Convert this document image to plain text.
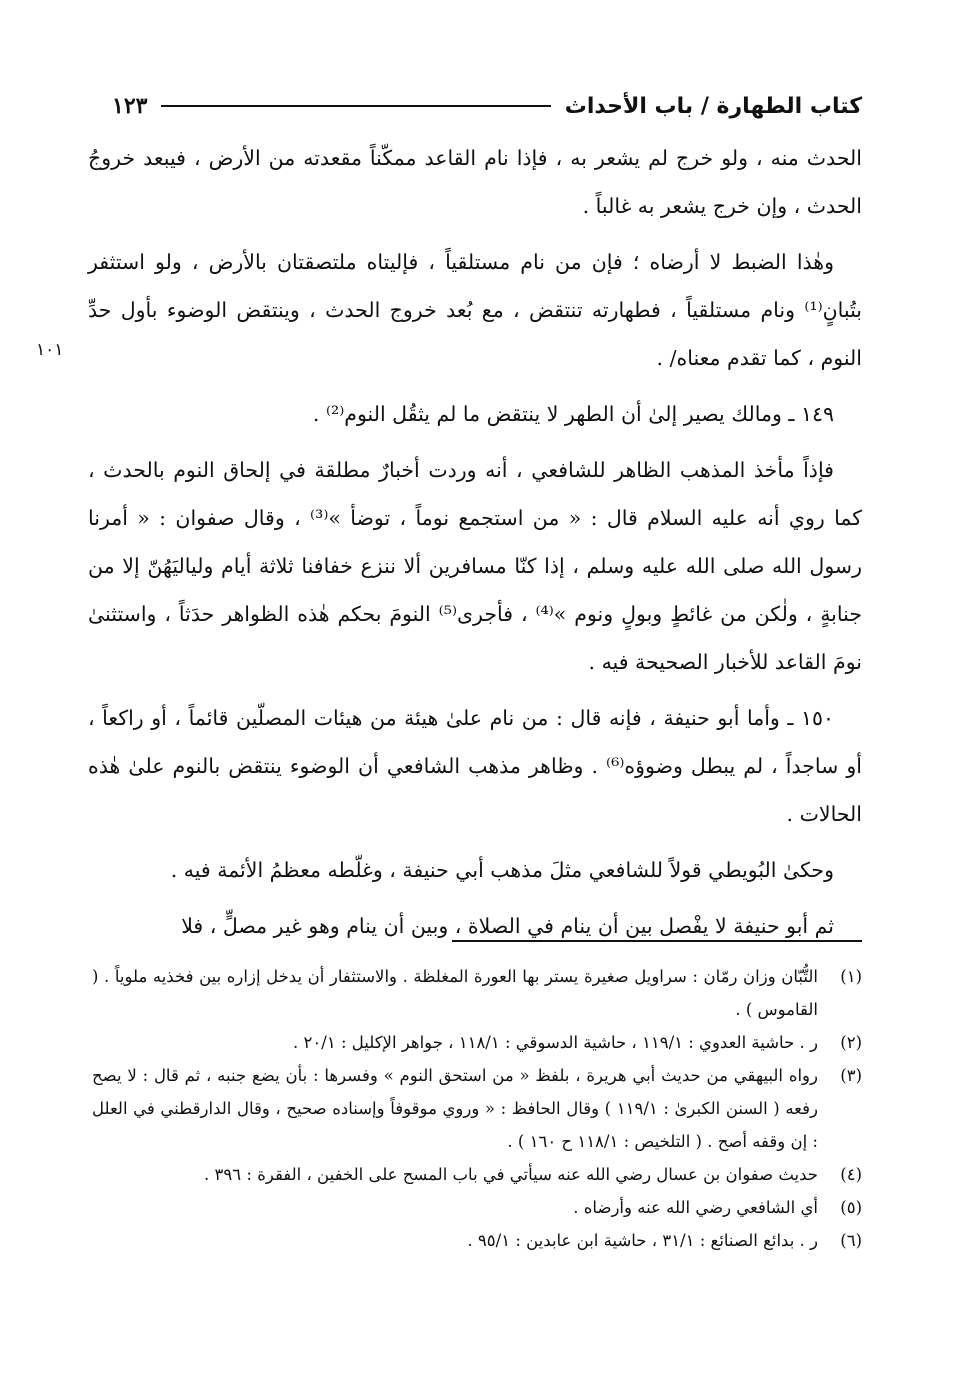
كتاب الطهارة / باب الأحداث
١٢٣
١٠١

الحدث منه ، ولو خرج لم يشعر به ، فإذا نام القاعد ممكّناً مقعدته من الأرض ، فيبعد خروجُ الحدث ، وإن خرج يشعر به غالباً .

وهٰذا الضبط لا أرضاه ؛ فإن من نام مستلقياً ، فإليتاه ملتصقتان بالأرض ، ولو استثفر بتُبانٍ⁽¹⁾ ونام مستلقياً ، فطهارته تنتقض ، مع بُعد خروج الحدث ، وينتقض الوضوء بأول حدِّ النوم ، كما تقدم معناه/ .

١٤٩ ـ ومالك يصير إلىٰ أن الطهر لا ينتقض ما لم يثقُل النوم⁽²⁾ .

فإذاً مأخذ المذهب الظاهر للشافعي ، أنه وردت أخبارٌ مطلقة في إلحاق النوم بالحدث ، كما روي أنه عليه السلام قال : « من استجمع نوماً ، توضأ »⁽³⁾ ، وقال صفوان : « أمرنا رسول الله صلى الله عليه وسلم ، إذا كنّا مسافرين ألا ننزع خفافنا ثلاثة أيام ولياليَهُنّ إلا من جنابةٍ ، ولٰكن من غائطٍ وبولٍ ونوم »⁽⁴⁾ ، فأجرى⁽⁵⁾ النومَ بحكم هٰذه الظواهر حدَثاً ، واستثنىٰ نومَ القاعد للأخبار الصحيحة فيه .

١٥٠ ـ وأما أبو حنيفة ، فإنه قال : من نام علىٰ هيئة من هيئات المصلّين قائماً ، أو راكعاً ، أو ساجداً ، لم يبطل وضوؤه⁽⁶⁾ . وظاهر مذهب الشافعي أن الوضوء ينتقض بالنوم علىٰ هٰذه الحالات .

وحكىٰ البُويطي قولاً للشافعي مثلَ مذهب أبي حنيفة ، وغلّطه معظمُ الأئمة فيه .

ثم أبو حنيفة لا يفْصل بين أن ينام في الصلاة ، وبين أن ينام وهو غير مصلٍّ ، فلا

(١)
التُّبّان وزان رمّان : سراويل صغيرة يستر بها العورة المغلظة . والاستثفار أن يدخل إزاره بين فخذيه ملوياً . ( القاموس ) .
(٢)
ر . حاشية العدوي : ١١٩/١ ، حاشية الدسوقي : ١١٨/١ ، جواهر الإكليل : ٢٠/١ .
(٣)
رواه البيهقي من حديث أبي هريرة ، بلفظ « من استحق النوم » وفسرها : بأن يضع جنبه ، ثم قال : لا يصح رفعه ( السنن الكبرىٰ : ١١٩/١ ) وقال الحافظ : « وروي موقوفاً وإسناده صحيح ، وقال الدارقطني في العلل : إن وقفه أصح . ( التلخيص : ١١٨/١ ح ١٦٠ ) .
(٤)
حديث صفوان بن عسال رضي الله عنه سيأتي في باب المسح على الخفين ، الفقرة : ٣٩٦ .
(٥)
أي الشافعي رضي الله عنه وأرضاه .
(٦)
ر . بدائع الصنائع : ٣١/١ ، حاشية ابن عابدين : ٩٥/١ .
